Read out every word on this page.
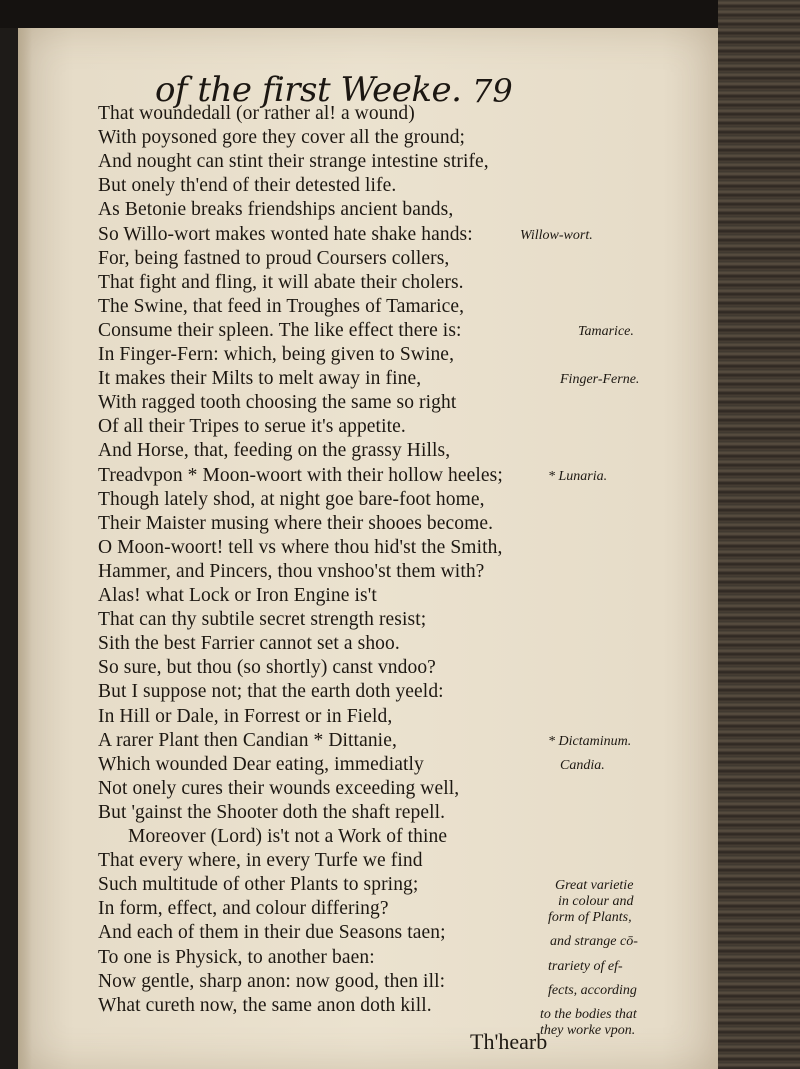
of the first Weeke. 79
That woundedall (or rather al! a wound)
With poysoned gore they cover all the ground;
And nought can stint their strange intestine strife,
But onely th'end of their detested life.
As Betonie breaks friendships ancient bands,
So Willo-wort makes wonted hate shake hands:
For, being fastned to proud Coursers collers,
That fight and fling, it will abate their cholers.
The Swine, that feed in Troughes of Tamarice,
Consume their spleen. The like effect there is:
In Finger-Fern: which, being given to Swine,
It makes their Milts to melt away in fine,
With ragged tooth choosing the same so right
Of all their Tripes to serue it's appetite.
And Horse, that, feeding on the grassy Hills,
Treadvpon * Moon-woort with their hollow heeles;
Though lately shod, at night goe bare-foot home,
Their Maister musing where their shooes become.
O Moon-woort! tell vs where thou hid'st the Smith,
Hammer, and Pincers, thou vnshoo'st them with?
Alas! what Lock or Iron Engine is't
That can thy subtile secret strength resist;
Sith the best Farrier cannot set a shoo.
So sure, but thou (so shortly) canst vndoo?
But I suppose not; that the earth doth yeeld:
In Hill or Dale, in Forrest or in Field,
A rarer Plant then Candian * Dittanie,
Which wounded Dear eating, immediatly
Not onely cures their wounds exceeding well,
But 'gainst the Shooter doth the shaft repell.
Moreover (Lord) is't not a Work of thine
That every where, in every Turfe we find
Such multitude of other Plants to spring;
In form, effect, and colour differing?
And each of them in their due Seasons taen;
To one is Physick, to another baen:
Now gentle, sharp anon: now good, then ill:
What cureth now, the same anon doth kill.
Willow-wort.
Tamarice.
Finger-Ferne.
* Lunaria.
* Dictaminum.
Candia.
Great varietie
in colour and
form of Plants,
and strange cō-
trariety of ef-
fects, according
to the bodies that
they worke vpon.
Th'hearb
